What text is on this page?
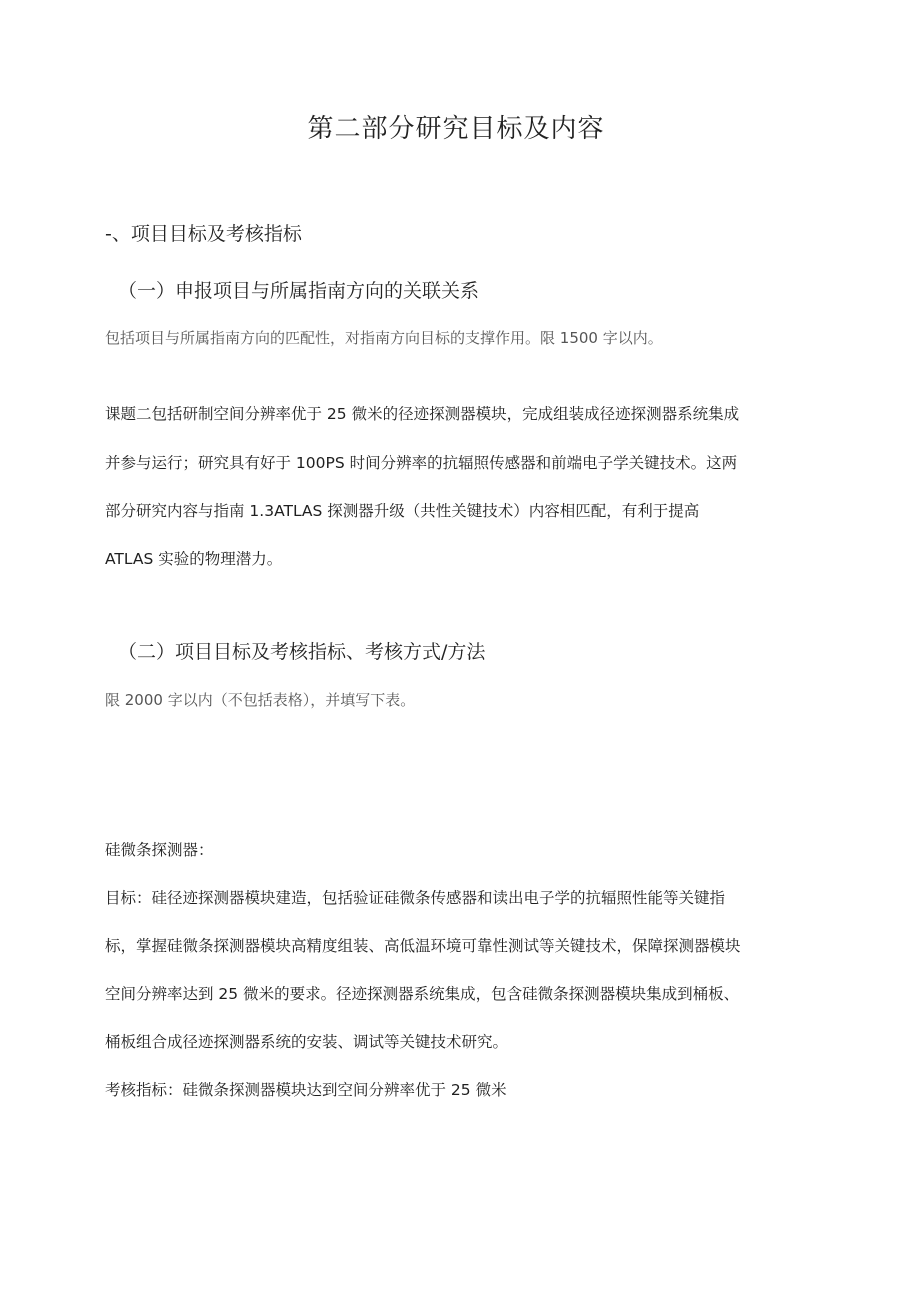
第二部分研究目标及内容
-、项目目标及考核指标
（一）申报项目与所属指南方向的关联关系
包括项目与所属指南方向的匹配性，对指南方向目标的支撑作用。限 1500 字以内。
课题二包括研制空间分辨率优于 25 微米的径迹探测器模块，完成组装成径迹探测器系统集成
并参与运行；研究具有好于 100PS 时间分辨率的抗辐照传感器和前端电子学关键技术。这两
部分研究内容与指南 1.3ATLAS 探测器升级（共性关键技术）内容相匹配，有利于提高
ATLAS 实验的物理潜力。
（二）项目目标及考核指标、考核方式/方法
限 2000 字以内（不包括表格），并填写下表。
硅微条探测器：
目标：硅径迹探测器模块建造，包括验证硅微条传感器和读出电子学的抗辐照性能等关键指
标，掌握硅微条探测器模块高精度组装、高低温环境可靠性测试等关键技术，保障探测器模块
空间分辨率达到 25 微米的要求。径迹探测器系统集成，包含硅微条探测器模块集成到桶板、
桶板组合成径迹探测器系统的安装、调试等关键技术研究。
考核指标：硅微条探测器模块达到空间分辨率优于 25 微米
